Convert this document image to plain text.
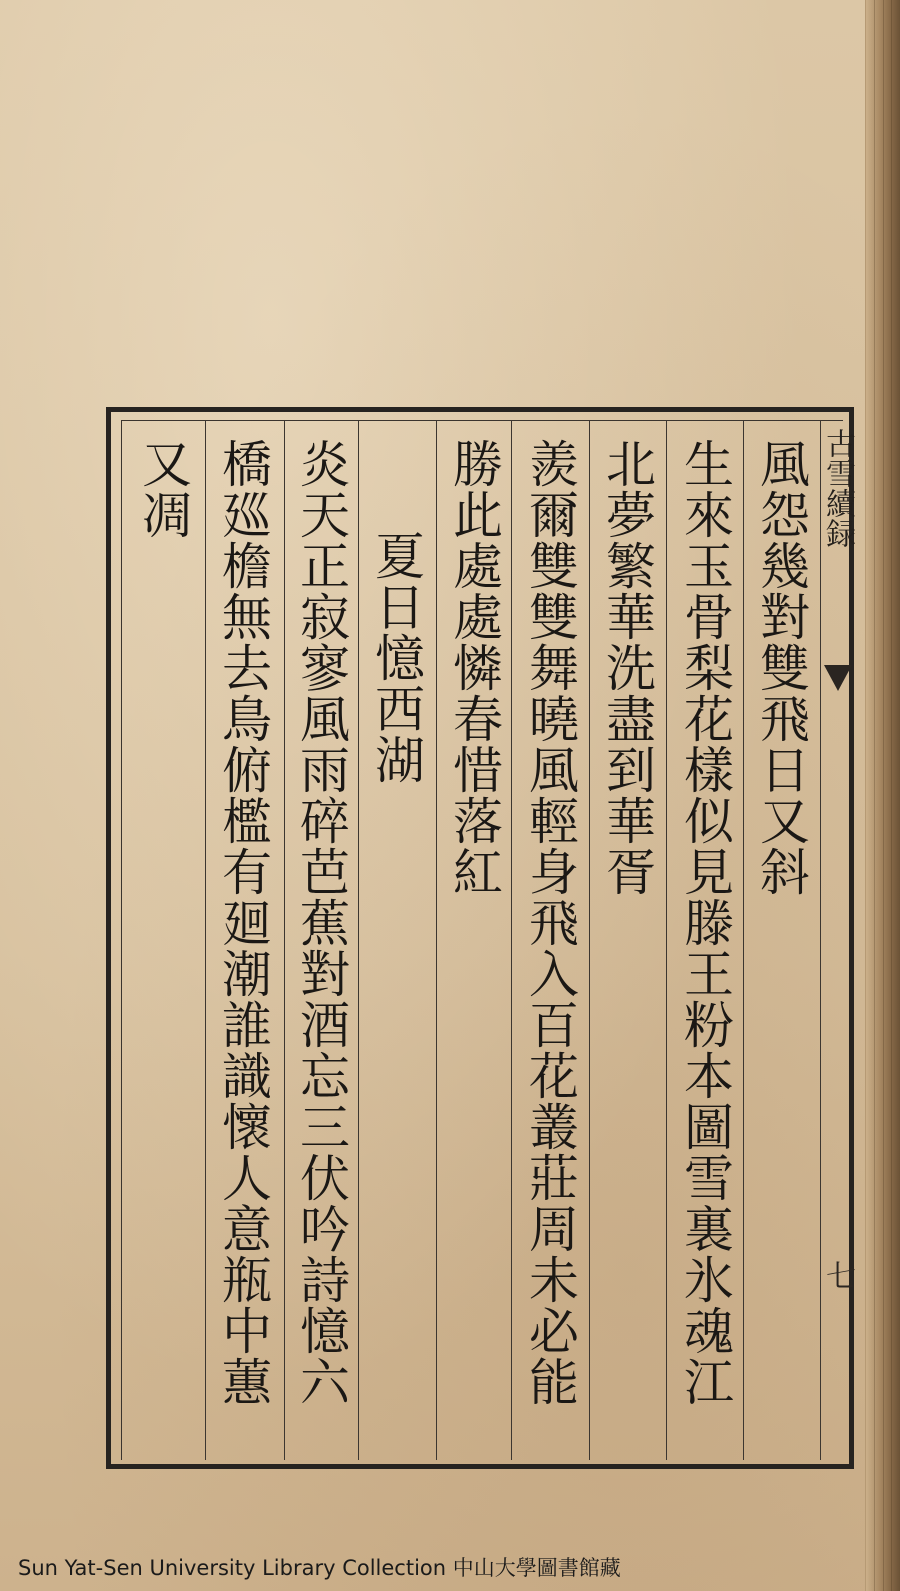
古雪續録
七
風怨幾對雙飛日又斜
生來玉骨梨花樣似見滕王粉本圖雪裏氷魂江
北夢繁華洗盡到華胥
羨爾雙雙舞曉風輕身飛入百花叢莊周未必能
勝此處處憐春惜落紅
夏日憶西湖
炎天正寂寥風雨碎芭蕉對酒忘三伏吟詩憶六
橋廵檐無去鳥俯檻有廻潮誰識懷人意瓶中蕙
又凋
Sun Yat-Sen University Library Collection 中山大學圖書館藏
